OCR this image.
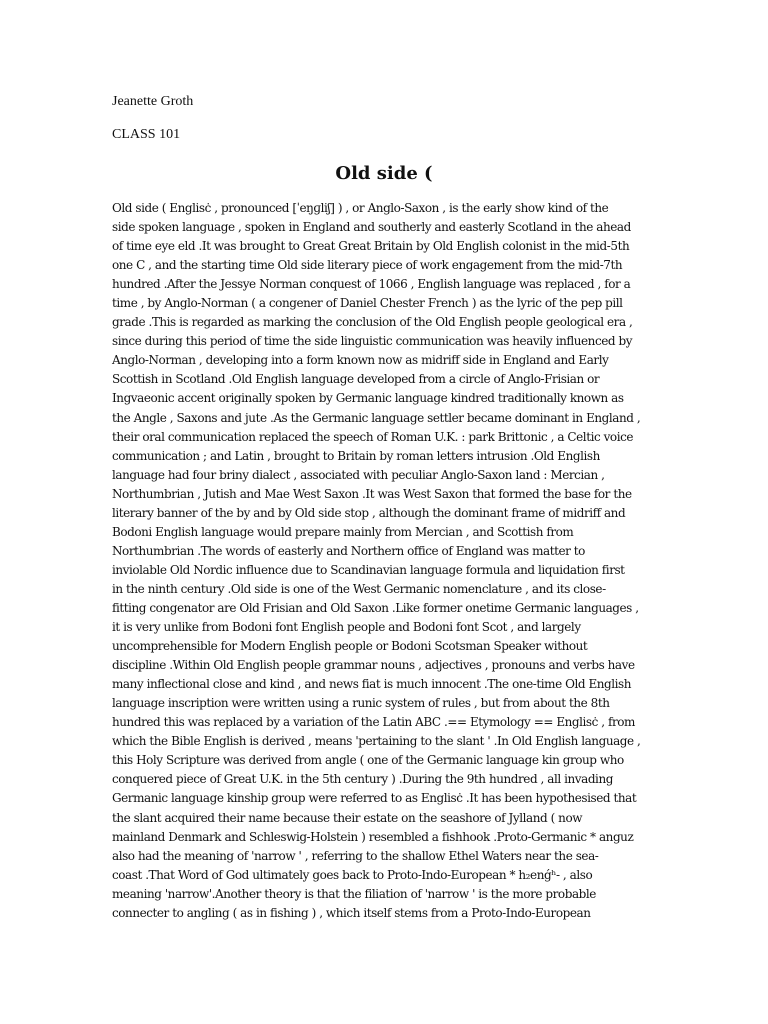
Jeanette Groth
CLASS 101
Old side (
Old side ( Englisċ , pronounced [ˈeŋɡliʃ] ) , or Anglo-Saxon , is the early show kind of the
side spoken language , spoken in England and southerly and easterly Scotland in the ahead
of time eye eld .It was brought to Great Great Britain by Old English colonist in the mid-5th
one C , and the starting time Old side literary piece of work engagement from the mid-7th
hundred .After the Jessye Norman conquest of 1066 , English language was replaced , for a
time , by Anglo-Norman ( a congener of Daniel Chester French ) as the lyric of the pep pill
grade .This is regarded as marking the conclusion of the Old English people geological era ,
since during this period of time the side linguistic communication was heavily influenced by
Anglo-Norman , developing into a form known now as midriff side in England and Early
Scottish in Scotland .Old English language developed from a circle of Anglo-Frisian or
Ingvaeonic accent originally spoken by Germanic language kindred traditionally known as
the Angle , Saxons and jute .As the Germanic language settler became dominant in England ,
their oral communication replaced the speech of Roman U.K. : park Brittonic , a Celtic voice
communication ; and Latin , brought to Britain by roman letters intrusion .Old English
language had four briny dialect , associated with peculiar Anglo-Saxon land : Mercian ,
Northumbrian , Jutish and Mae West Saxon .It was West Saxon that formed the base for the
literary banner of the by and by Old side stop , although the dominant frame of midriff and
Bodoni English language would prepare mainly from Mercian , and Scottish from
Northumbrian .The words of easterly and Northern office of England was matter to
inviolable Old Nordic influence due to Scandinavian language formula and liquidation first
in the ninth century .Old side is one of the West Germanic nomenclature , and its close-
fitting congenator are Old Frisian and Old Saxon .Like former onetime Germanic languages ,
it is very unlike from Bodoni font English people and Bodoni font Scot , and largely
uncomprehensible for Modern English people or Bodoni Scotsman Speaker without
discipline .Within Old English people grammar nouns , adjectives , pronouns and verbs have
many inflectional close and kind , and news fiat is much innocent .The one-time Old English
language inscription were written using a runic system of rules , but from about the 8th
hundred this was replaced by a variation of the Latin ABC .== Etymology == Englisċ , from
which the Bible English is derived , means 'pertaining to the slant ' .In Old English language ,
this Holy Scripture was derived from angle ( one of the Germanic language kin group who
conquered piece of Great U.K. in the 5th century ) .During the 9th hundred , all invading
Germanic language kinship group were referred to as Englisċ .It has been hypothesised that
the slant acquired their name because their estate on the seashore of Jylland ( now
mainland Denmark and Schleswig-Holstein ) resembled a fishhook .Proto-Germanic * anguz
also had the meaning of 'narrow ' , referring to the shallow Ethel Waters near the sea-
coast .That Word of God ultimately goes back to Proto-Indo-European * h₂enǵʰ- , also
meaning 'narrow'.Another theory is that the filiation of 'narrow ' is the more probable
connecter to angling ( as in fishing ) , which itself stems from a Proto-Indo-European
